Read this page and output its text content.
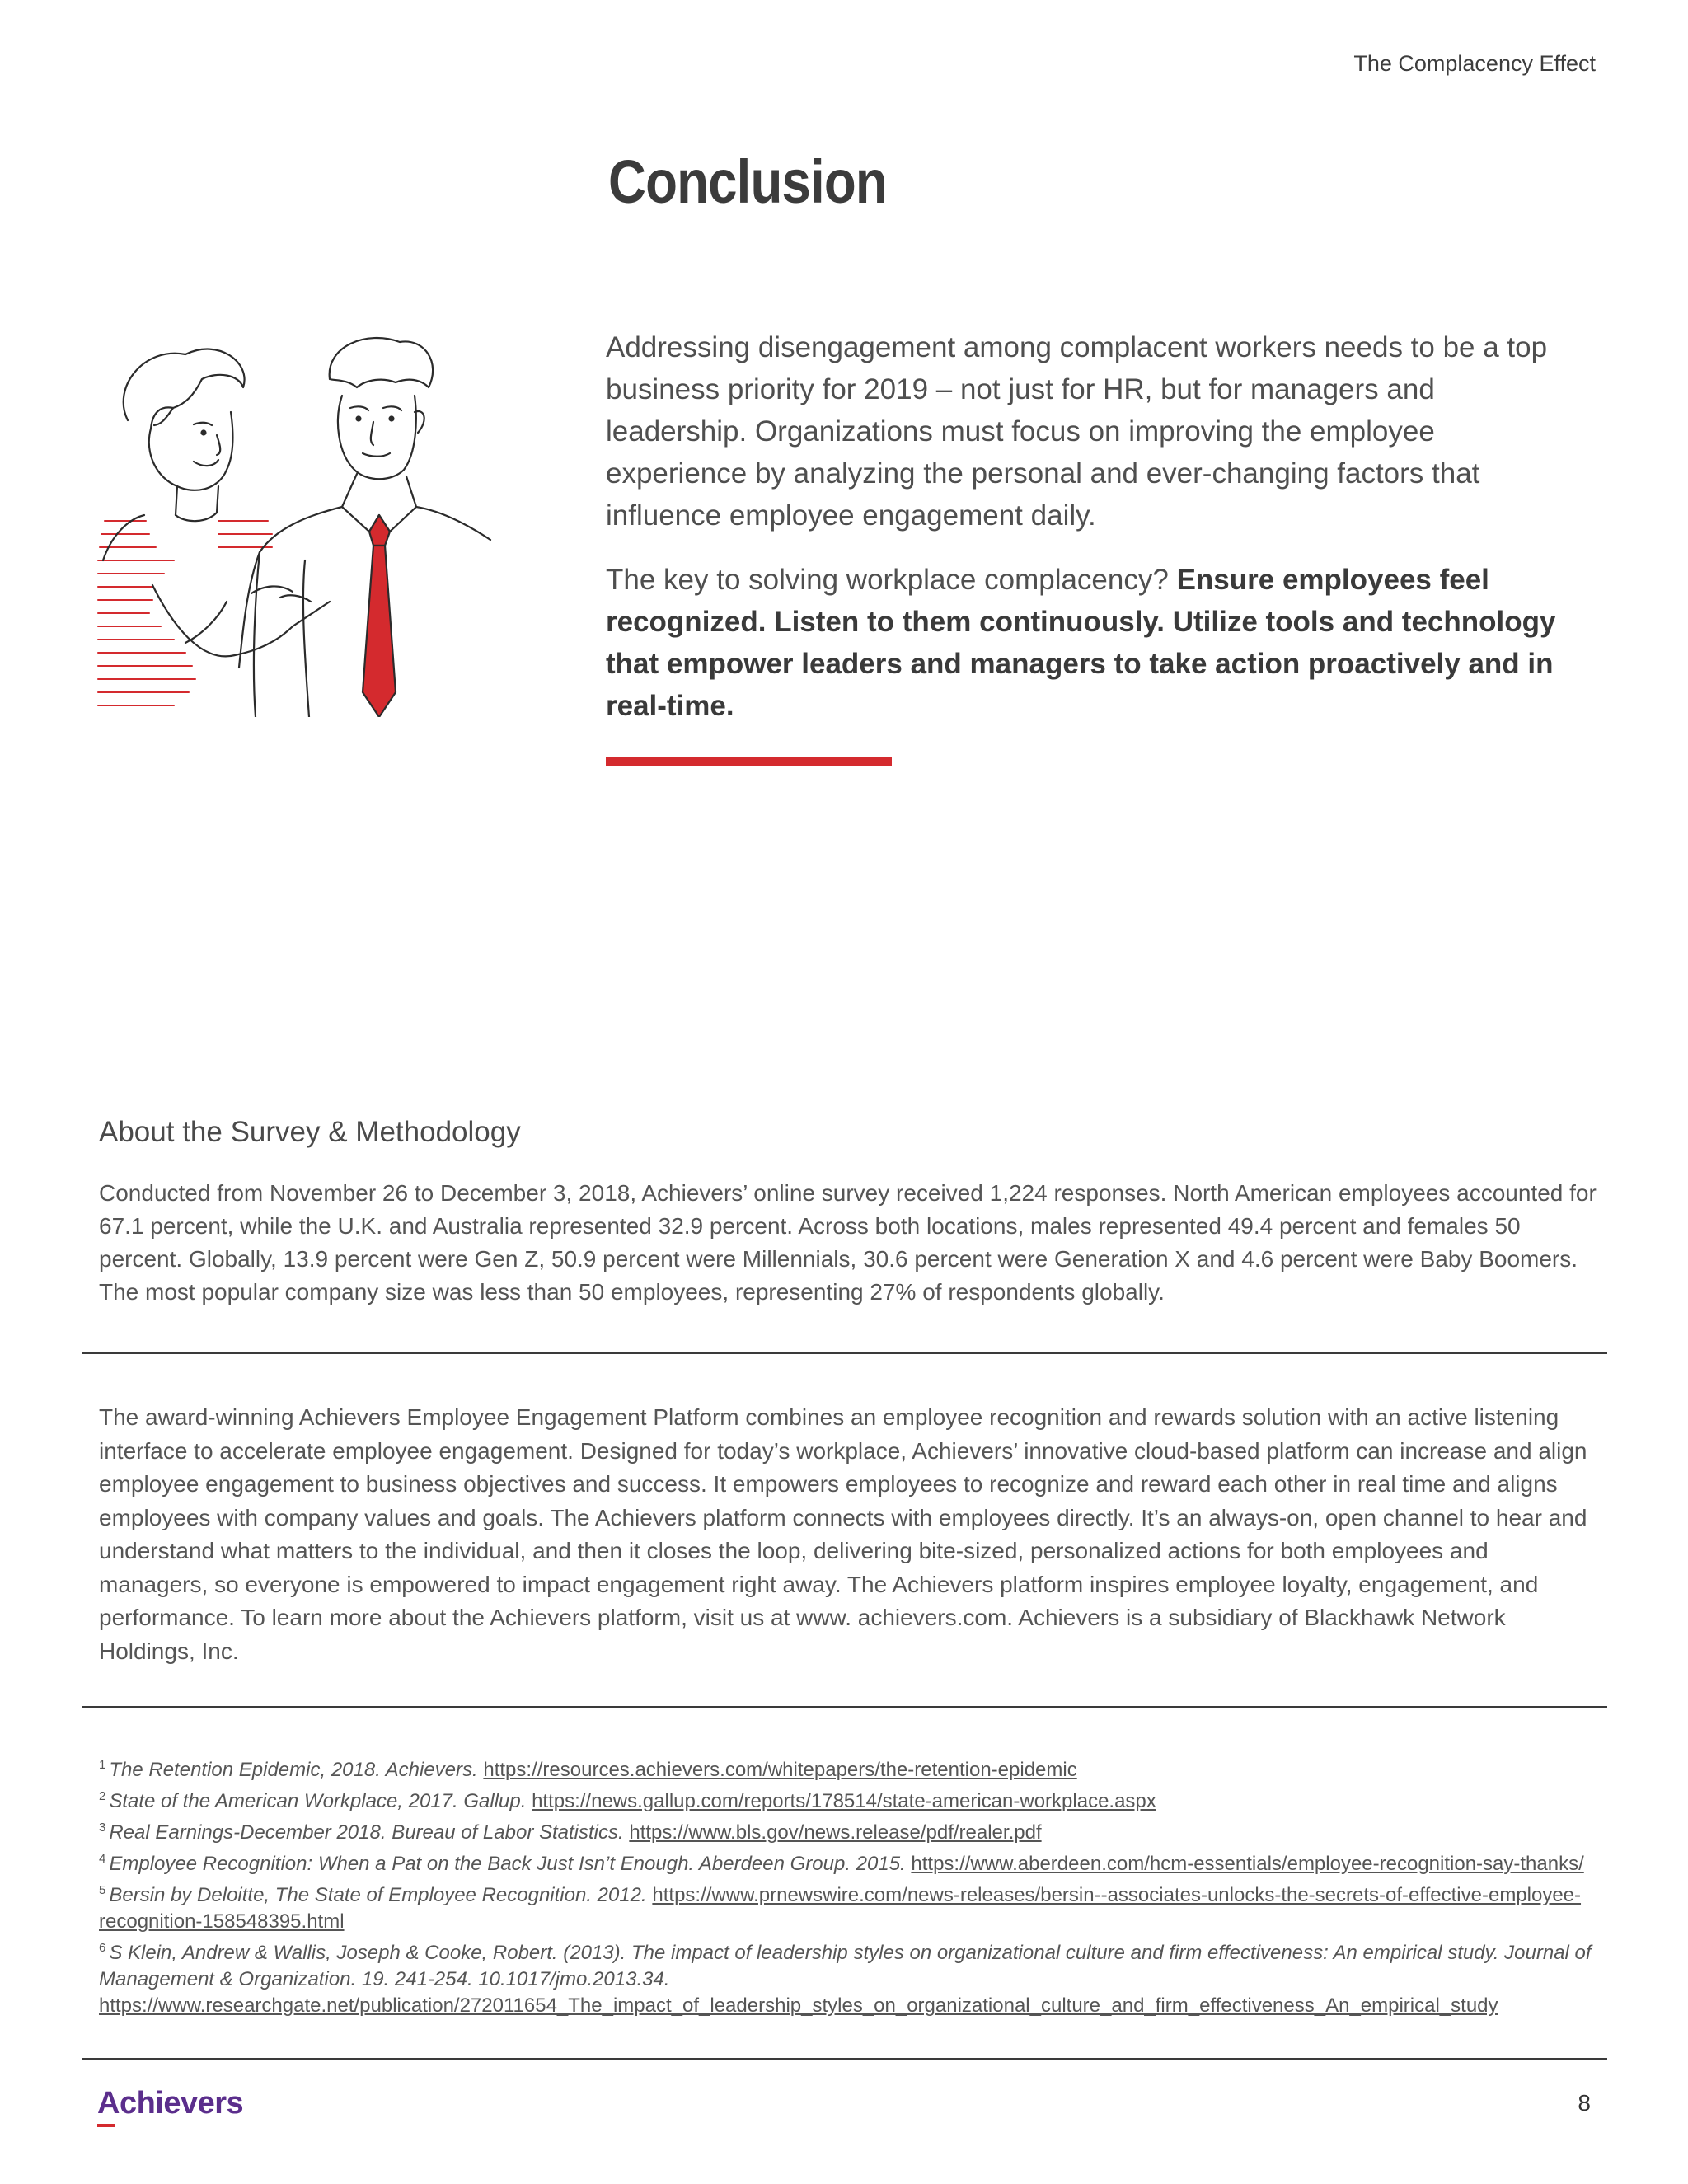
The Complacency Effect
Conclusion

Addressing disengagement among complacent workers needs to be a top business priority for 2019 – not just for HR, but for managers and leadership. Organizations must focus on improving the employee experience by analyzing the personal and ever-changing factors that influence employee engagement daily.

The key to solving workplace complacency? Ensure employees feel recognized. Listen to them continuously. Utilize tools and technology that empower leaders and managers to take action proactively and in real-time.

About the Survey & Methodology
Conducted from November 26 to December 3, 2018, Achievers’ online survey received 1,224 responses. North American employees accounted for 67.1 percent, while the U.K. and Australia represented 32.9 percent. Across both locations, males represented 49.4 percent and females 50 percent. Globally, 13.9 percent were Gen Z, 50.9 percent were Millennials, 30.6 percent were Generation X and 4.6 percent were Baby Boomers. The most popular company size was less than 50 employees, representing 27% of respondents globally.
The award-winning Achievers Employee Engagement Platform combines an employee recognition and rewards solution with an active listening interface to accelerate employee engagement. Designed for today’s workplace, Achievers’ innovative cloud-based platform can increase and align employee engagement to business objectives and success. It empowers employees to recognize and reward each other in real time and aligns employees with company values and goals. The Achievers platform connects with employees directly. It’s an always-on, open channel to hear and understand what matters to the individual, and then it closes the loop, delivering bite-sized, personalized actions for both employees and managers, so everyone is empowered to impact engagement right away. The Achievers platform inspires employee loyalty, engagement, and performance. To learn more about the Achievers platform, visit us at www. achievers.com. Achievers is a subsidiary of Blackhawk Network Holdings, Inc.

$^1$ The Retention Epidemic, 2018. Achievers. https://resources.achievers.com/whitepapers/the-retention-epidemic

$^2$ State of the American Workplace, 2017. Gallup. https://news.gallup.com/reports/178514/state-american-workplace.aspx

$^3$ Real Earnings-December 2018. Bureau of Labor Statistics. https://www.bls.gov/news.release/pdf/realer.pdf

$^4$ Employee Recognition: When a Pat on the Back Just Isn’t Enough. Aberdeen Group. 2015. https://www.aberdeen.com/hcm-essentials/employee-recognition-say-thanks/

$^5$ Bersin by Deloitte, The State of Employee Recognition. 2012. https://www.prnewswire.com/news-releases/bersin--associates-unlocks-the-secrets-of-effective-employee-recognition-158548395.html

$^6$ S Klein, Andrew & Wallis, Joseph & Cooke, Robert. (2013). The impact of leadership styles on organizational culture and firm effectiveness: An empirical study. Journal of Management & Organization. 19. 241-254. 10.1017/jmo.2013.34. https://www.researchgate.net/publication/272011654_The_impact_of_leadership_styles_on_organizational_culture_and_firm_effectiveness_An_empirical_study

Achievers	8
